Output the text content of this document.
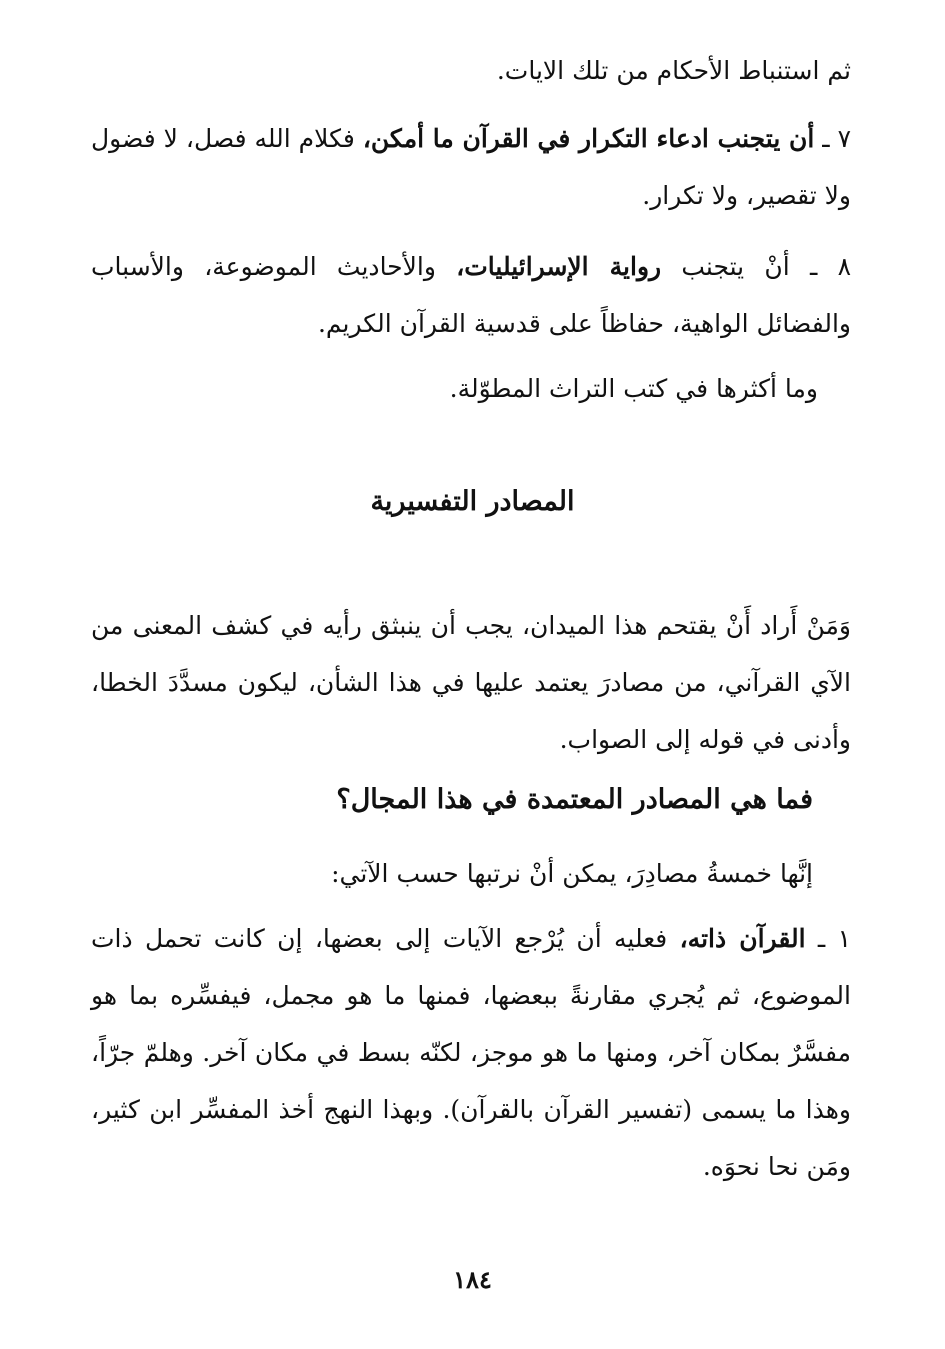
ثم استنباط الأحكام من تلك الايات.
٧ ـ أن يتجنب ادعاء التكرار في القرآن ما أمكن، فكلام الله فصل، لا فضول ولا تقصير، ولا تكرار.
٨ ـ أنْ يتجنب رواية الإسرائيليات، والأحاديث الموضوعة، والأسباب والفضائل الواهية، حفاظاً على قدسية القرآن الكريم.
وما أكثرها في كتب التراث المطوّلة.
المصادر التفسيرية
وَمَنْ أَراد أَنْ يقتحم هذا الميدان، يجب أن ينبثق رأيه في كشف المعنى من الآي القرآني، من مصادرَ يعتمد عليها في هذا الشأن، ليكون مسدَّدَ الخطا، وأدنى في قوله إلى الصواب.
فما هي المصادر المعتمدة في هذا المجال؟
إنَّها خمسةُ مصادِرَ، يمكن أنْ نرتبها حسب الآتي:
١ ـ القرآن ذاته، فعليه أن يُرْجع الآيات إلى بعضها، إن كانت تحمل ذات الموضوع، ثم يُجري مقارنةً ببعضها، فمنها ما هو مجمل، فيفسِّره بما هو مفسَّرٌ بمكان آخر، ومنها ما هو موجز، لكنّه بسط في مكان آخر. وهلمّ جرّاً، وهذا ما يسمى (تفسير القرآن بالقرآن). وبهذا النهج أخذ المفسِّر ابن كثير، ومَن نحا نحوَه.
١٨٤
